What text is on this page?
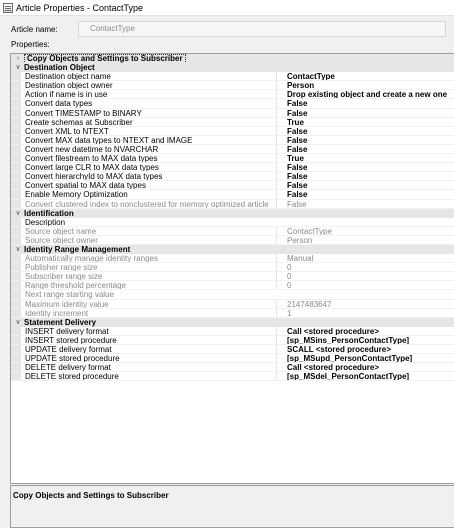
Article Properties - ContactType
Article name:	ContactType
Properties:
› Copy Objects and Settings to Subscriber
∨ Destination Object
Destination object name	ContactType
Destination object owner	Person
Action if name is in use	Drop existing object and create a new one
Convert data types	False
Convert TIMESTAMP to BINARY	False
Create schemas at Subscriber	True
Convert XML to NTEXT	False
Convert MAX data types to NTEXT and IMAGE	False
Convert new datetime to NVARCHAR	False
Convert filestream to MAX data types	True
Convert large CLR to MAX data types	False
Convert hierarchyId to MAX data types	False
Convert spatial to MAX data types	False
Enable Memory Optimization	False
Convert clustered index to nonclustered for memory optimized article	False
∨ Identification
Description
Source object name	ContactType
Source object owner	Person
∨ Identity Range Management
Automatically manage identity ranges	Manual
Publisher range size	0
Subscriber range size	0
Range threshold percentage	0
Next range starting value
Maximum identity value	2147483647
Identity increment	1
∨ Statement Delivery
INSERT delivery format	Call <stored procedure>
INSERT stored procedure	[sp_MSins_PersonContactType]
UPDATE delivery format	SCALL <stored procedure>
UPDATE stored procedure	[sp_MSupd_PersonContactType]
DELETE delivery format	Call <stored procedure>
DELETE stored procedure	[sp_MSdel_PersonContactType]
Copy Objects and Settings to Subscriber
